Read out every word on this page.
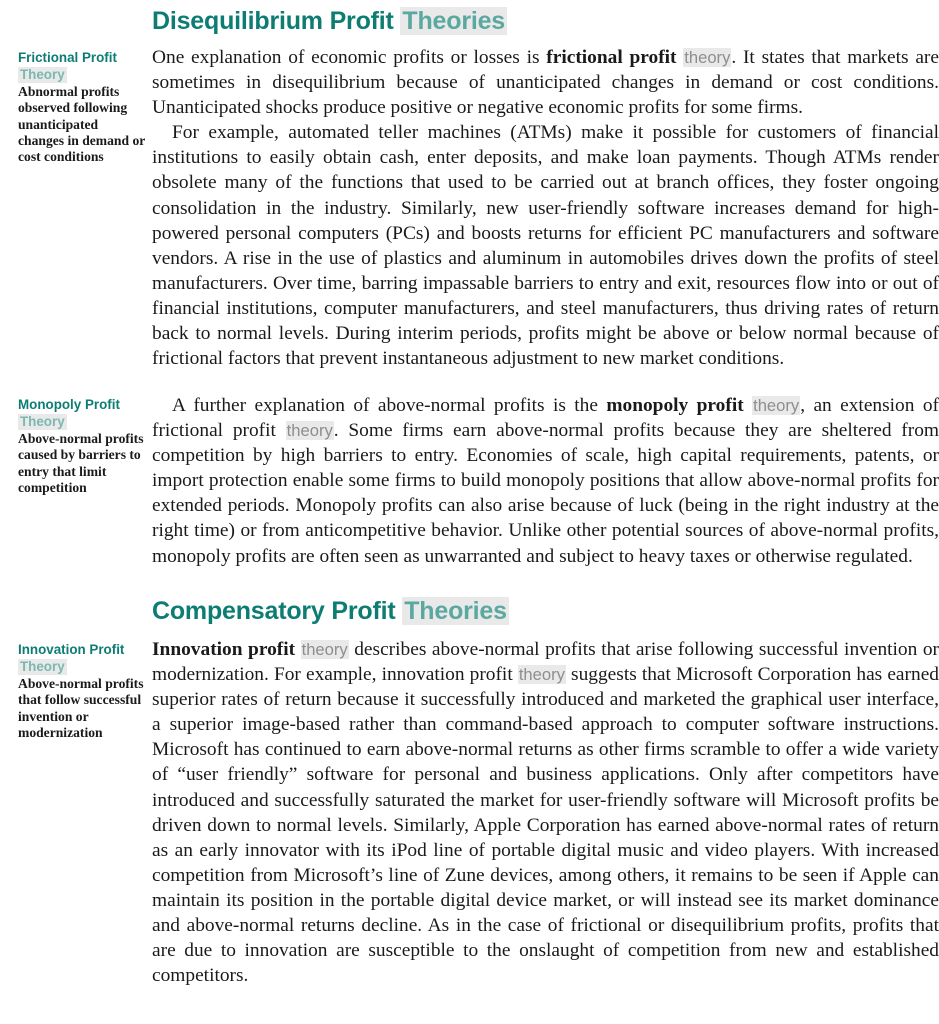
Disequilibrium Profit Theories
Frictional Profit
Theory
Abnormal profits observed following unanticipated changes in demand or cost conditions

One explanation of economic profits or losses is frictional profit theory. It states that markets are sometimes in disequilibrium because of unanticipated changes in demand or cost conditions. Unanticipated shocks produce positive or negative economic profits for some firms.

For example, automated teller machines (ATMs) make it possible for customers of financial institutions to easily obtain cash, enter deposits, and make loan payments. Though ATMs render obsolete many of the functions that used to be carried out at branch offices, they foster ongoing consolidation in the industry. Similarly, new user-friendly software increases demand for high-powered personal computers (PCs) and boosts returns for efficient PC manufacturers and software vendors. A rise in the use of plastics and aluminum in automobiles drives down the profits of steel manufacturers. Over time, barring impassable barriers to entry and exit, resources flow into or out of financial institutions, computer manufacturers, and steel manufacturers, thus driving rates of return back to normal levels. During interim periods, profits might be above or below normal because of frictional factors that prevent instantaneous adjustment to new market conditions.

Monopoly Profit
Theory
Above-normal profits caused by barriers to entry that limit competition

A further explanation of above-normal profits is the monopoly profit theory, an extension of frictional profit theory. Some firms earn above-normal profits because they are sheltered from competition by high barriers to entry. Economies of scale, high capital requirements, patents, or import protection enable some firms to build monopoly positions that allow above-normal profits for extended periods. Monopoly profits can also arise because of luck (being in the right industry at the right time) or from anticompetitive behavior. Unlike other potential sources of above-normal profits, monopoly profits are often seen as unwarranted and subject to heavy taxes or otherwise regulated.

Compensatory Profit Theories
Innovation Profit
Theory
Above-normal profits that follow successful invention or modernization

Innovation profit theory describes above-normal profits that arise following successful invention or modernization. For example, innovation profit theory suggests that Microsoft Corporation has earned superior rates of return because it successfully introduced and marketed the graphical user interface, a superior image-based rather than command-based approach to computer software instructions. Microsoft has continued to earn above-normal returns as other firms scramble to offer a wide variety of “user friendly” software for personal and business applications. Only after competitors have introduced and successfully saturated the market for user-friendly software will Microsoft profits be driven down to normal levels. Similarly, Apple Corporation has earned above-normal rates of return as an early innovator with its iPod line of portable digital music and video players. With increased competition from Microsoft’s line of Zune devices, among others, it remains to be seen if Apple can maintain its position in the portable digital device market, or will instead see its market dominance and above-normal returns decline. As in the case of frictional or disequilibrium profits, profits that are due to innovation are susceptible to the onslaught of competition from new and established competitors.
